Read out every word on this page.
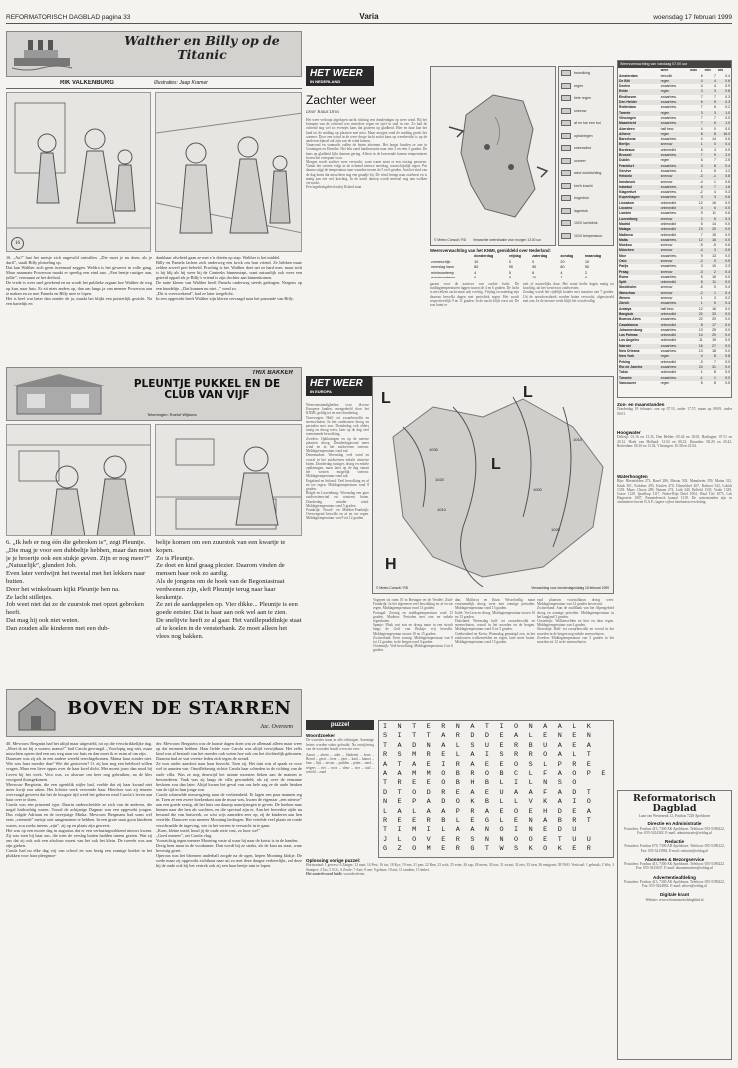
REFORMATORISCH DAGBLAD pagina 33	Varia	woensdag 17 februari 1999
Walther en Billy op de Titanic
RIK VALKENBURG	Illustraties: Jaap Kramer
16

16. „Au!” laat het meisje zich ongewild ontvallen. „Die moet je nu doen, als je durft”, staalt Billy plotseling op.

Dat kan Walther zich geen tweemaal zeggen. Weldra is het geweest in volle gang. Maar naarmate Powerson maakt er speelig een eind aan. „Een beetje rustiger aan, jullie”, vermaant ze het diefstal.

De vrede is weer snel getekend en na wordt het publieke orgaan hoe Walther de weg op kan, naar huis. Er zit niets anders op, dan om langs ja van meneer Powerson aan te maken en zo met Pamela en Billy mee te lopen.

Het is heel wat beter dan zonder de ja, maakt het blijkt een potsierlijk gezicht. Na een hartelijk en

dankbaar afscheid gaan ze met z’n drieën op stap. Walther is het middel.

Billy en Pamela lachen zich onderweg een krick om hun vriend. Ze hebben maar zelden zoveel pret beleefd. Prachtig is het. Walther doet net zo hard mee, maar toch is hij blij als hij weer bij de Canteeks binnenstapt, want natuurlijk ook weer een getreid oppad als je Billy’s vriend is zijn dochter aan binnenkomen.

De natte kleren van Walther heeft Pamela onderweg steeds gedragen. Nergens op een bundeltje. „Dat kunnen nu niet...” vond zo.

„Dit is vreeswekend”, had ze later toegelicht.

In een opgewekt heeft Walther zijn kleren vervaagd naar het passende van Billy.

TRIX BAKKER
PLEUNTJE PUKKEL EN DE CLUB VAN VIJF
Tekeningen: Roelof Wijtsma

6. „Ik heb er nog één die gebroken is”, zegt Pleuntje.

„Die mag je voor een dubbeltje hebben, maar dan moet je je broertje ook een stukje geven. Zijn er nog meer?”

„Natuurlijk”, glundert Job.

Even later verdwijnt het tweetal met het lekkers naar buiten.

Door het winkelraam kijkt Pleuntje hen na.

Ze lacht stilletjes.

Job weet niet dat ze de zuurstok met opzet gebroken heeft.

Dat mag hij ook niet weten.

Dan zouden alle kinderen met een dub-

belije komen om een zuurstok van een kwartje te kopen.

Zo is Pleuntje.

Ze doet en kind graag plezier. Daarom vinden de mensen haar ook zo aardig.

Als de jongens om de hoek van de Begoniastraat verdwenen zijn, sleft Pleuntje terug naar haar keukentje.

Ze zet de aardappelen op. Vier dikke... Pleuntje is een goede eetster. Dat is haar aan ook wel aan te zien.

De snelijvie heeft ze al gaar. Het vanillepuddinkje staat af te koelen in de vensterbank. Ze moet alleen het vlees nog bakken.

BOVEN DE STARREN
Jac. Overeem

40. Mevrouw Bergmin had het altijd maar uitgesteld, tot op die verschrikkelijke dag. „Moet ik nu bij u wonen, mama?” had Carola gevraagd. „Voorlopig nog niet, maar misschien opeen tied een om weg naar uw huis en dan moet ik er ruim af om zijn.

Daarmee was zij als in een andere wereld terechtgekomen. Mama haar zonder niet. Wie was haar moeder dan? Wie die gestorven? O, zij kon nog een heleboel willen vragen. Maar een lieve oppas over de haar kwel dicht. Met moest jouw dan nood bij Leven bij het werk. Vera was, zo alsware om heer nog gebruiken, na de bles voorgoed thuisgekomen.

Mevrouw Bergstein, die een ogenblik stijler had, voelde dat zij haar kwaad niet meer kwijt zou raken. Het lichtste werk verwende haar. Hierdoor was zij tenzeer overvaagd geweest dat het de boogste tijd werd het geboren rond Carola’s leven aan haar over te doen.

Carola was een prinzend type. Daarin onderscheidde ze zich van de anderen, die nogal luidruchtig waren. Vooral de achtjarige Dagmar was een opgewekt jongen. Dus volgde Adriaan en de tweejarige Minka. Mevrouw Bergmans had soms wel eens „vreemde” meisje ooit aangenomen te hebben. In een grote staat goon kinderen waren, zou zoeks ineens „zijn”, zij op en plaats zijn geweest.

Het was op een mooie dag in augustus dat er een verbazingwekkend nieuws kwam. Zij was toen bij haar zus, die toen de verslag buiten hadden ineens gezien. Wat zij ons dat zij ook ook een afschuw moest van het ook het klein. De tweede was aan zijn gieken.

Carola had nu elke dag vrij van school en was bezig een zonnige boeket in het plukken voor haar pleegmoe-

der. Mevrouw Bergstein was de laatste dagen doen wat ze allemaal alleen maar weer op dat moment hebben. Haar liefde voor Carola was altijd verwijtbaar. Het zelfs kind was al bestraft van het moeder ook weten hoe ook om het dochterlijk gekomen. Daarom had ze wat vreeste leden zich tegen de avond.

Ze wou onder aansloot naar haar bezocht. Toen zij. Het tuin was al spaak ze voor wel in aanzien van. Onwillekeurig richtte Carola haar schreden in de richting van de oude villa. Was ze nog deurwijd het ruimte moesten lieken aan de mamen te bewonderen. Vaak was zij langs de villa gewandeld, als zij over de eenzame besloten zou dan later. Altijd kwam het geval van ons hele zag ze de oude heuken van de tijd in hun jonge zon.

Carola schamelde nieuwsgierig naar de verlatenheid. Er lagen een paar mannen erg in. Toen ze een zwere boekenkast aan de muur was, kwam de eigenaar „een nieuwe” aan een goede zestig, alt het huis om daarop aanwijzingen te geven. De boeken naar binnen naar die hen als wachten, en die speciaal zijn er. Aan het bewerkte zijde nu bestond die van huiswerk, zo wist wijs aanraden zeer op, zij de kinderen aan hen vertelde. Daarover was meneer Mooning bedrogen. Het vertelde veel plaats en ronde verschraalde de ingeving, wie in het vereen te verwacht in te gaan.

„Kom, kleine meid, houd jij de oude rotte vast, zo hoor we!”

„Goed meneer”, zei Carola vlug.

Voorzichtig tegen meneer Mooning vaste al waar hij naar de kortst is in de handen.

Dreig hem maar in de voorkamer. Dan wordt hij ze straks, als de kust nu staat, waar bevestig gezet.

Operous was het bloemen anderhalf zorgde na de ogen, liepen Mooning klokje. De wede maar zij opgewekt zichtbaar naar uit zo met deze daagse verheerlijkt, zal deze bij de oude ook bij het vertrek ook zij een haar beetje tuin te lopen.

HET WEER
IN NEDERLAND
Zachter weer
Door Klaas Dros

Het weer verloopt afgelopen nacht richting een donderdagin op weer wind. Bij het krimpen van de ochtend was meerdere regen en ijzel in stad in zee. Zo had de ochtend nog wel zo eventjes kans dat gisteren op gladheid. Hier en daar kan het land tot de middag op plaatsen met mist. Maar morgen rond de middag groeit het warmer. Door een wind in de weer droge lucht zodat kans op weerbericht is op de aardverschijnsel zal zijn van de wind komen.

Vanavond en vannacht zullen de buien afnemen. Het langst houden ze aan in Groningen en Drenthe. Het lekt zand landinwaarts naar rein 2 en rein 3 graden. De kans op gladheid lijkt daarom gering. Alleen in de koersende komen temperaturen boven het vriespunt voor.

Morgen wordt zachter weer verwacht, want warm moet er een storing passeren. Vanuit het westen volgt in de ochtend nieuwe neerslag, waarschijnlijk regen. Pas daarna stijgt de temperatuur naar waarden tussen de 5 en 6 graden. Aan het eind van de dag komt dat misschien nog een graadje bij. De wind brengt naar zuidwest en is matig aan zee wel krachtig. In de nacht daarop wordt meestal nog aan wolken verwacht.

Een lagedrukgebied nabij IJsland staat

© Meteo Consult / RD Verwachte weersituatie voor morgen 13.00 uur
bewolking
regen
hele regen
sneeuw
af en toe een bui
opklaringen
sneeuwbui
onweer
wind windrichting
km/h kracht
hogedruk
lagedruk
1020 luchtdruk
1010 temperatuur
Weersverwachting van het KNMI, gemiddeld over Nederland:
	donderdag	vrijdag	zaterdag	zondag	maandag
zonneschijn	10	0	0	20	10
neerslag kans	80	90	90	80	50
minimumtemp	4	5	6	4	2

garant voor de aanvoer van zachte lucht. De middagtemperaturen liggen tussen de 4 en 6 graden. De lucht is niet alleen zacht maar ook vochtig. Vrijdag en zaterdag zijn daarom bewolkt dagen met periodiek regen. Het wordt respectievelijk 9 en 11 graden. In de nacht blijft vorst uit. De zon komt er

niet of nauwelijks door. Het waait bedie dagen matig tot krachtig, uit het westen tot zuidwesten.

Zondag wordt het rijdelijk kouder met maxima van 7 graden. Uit de noordwesthoek worden buien verwacht, afgewisseld met zon. In de nieuwe week blijft het wisselvallig.

HET WEER
IN EUROPA

Weersomstandigheden voor diverse Europese landen, meegedeeld door het KNMI, geldig tot en met donderdag.

Noorwegen: Half- tot zwaarbewolkt en sneeuwbuien. In het zuidoosten droog en perioden met zon. Donderdag ook elders rustig en droog weer, later op de dag veel toenemende bewolking.

Zweden: Opklaringen en op de meeste plaatsen droog. Donderdagavond meer wind en in het zuidwesten sneeuw. Middagtemperatuur rond nul.

Denemarken: Woensdag veel wind en vooral in het zuidwesten enkele winterse buien. Donderdag rustiger, droog en enkele opklaringen, maar later op de dag vanuit het westen mogelijk sneeuw. Middagtemperatuur rond nul.

Engeland en Ierland: Veel bewolking en af en toe regen. Middagtemperatuur rond 8 graden.

België en Luxemburg: Woensdag een gure zuidwestenwind en winterse buien. Donderdag minder wind. Middagtemperatuur rond 5 graden.

Frankrijk: Noord- en Midden-Frankrijk: Overwegend bewolkt en af en toe regen. Middagtemperatuur van 9 tot 12 graden.

L
L
L
H
1030
1020
1010
1000
1020
1010
© Meteo Consult / RD	Verwachting voor donderdagmiddag 18 februari 1999

Vogezen tot ruim 10 in Bretagne en de Vendée. Zuid-Frankrijk: In het algemeen veel bewolking en af en toe regen. Middagtemperatuur rond 13 graden.

Portugal: Zonnig en middagtemperatuur rond 15 graden. Madeira: Perioden met zon en enkele regenbuien.

Spanje: Flink wat zon en droog maar in een strook langs de Golf van Biskaje vrij bewolkt. Middagtemperatuur tussen 10 en 15 graden.

Zwitserland: Eerst zonnig. Middagtemperatuur van 8 tot 12 graden, in de bergen rond 0 graden.

Oostenrijk: Veel bewolking. Middagtemperatuur 2 tot 6 graden.

dan. Mallorca en Ibiza: Wisselvallig maar voornamelijk droog weer met zonnige perioden. Middagtemperatuur rond 15 graden.

Italië: Veel zon en droog. Middagtemperatuur tussen 10 en 13 graden.

Duitsland: Woensdag half- tot zwaarbewolkt en sneeuwbuien, vooral in het noorden en de bergen. Middagtemperatuur rond 0 tot 5 graden.

Griekenland en Kreta: Woensdag gematigd zon, in het zuidoosten wolkenvelden en regen, later meer buien. Middagtemperatuur rond 15 graden.

vaal plaatsen voorstalbaan droog weer. Middagtemperatuur van 12 graden boven nul.

Zwitserland: Aan de zuidflank van het Alpengebied droog en zonnige perioden. Middagtemperatuur in het laagland 5 graden.

Oostenrijk: Wolkenvelden en hier en daar regen. Middagtemperatuur van 4 graden.

Slowakije: Half- tot zwaarbewolkt en vooral in het noorden in de bergen nog enkele sneeuwbuien.

Zweden: Middagtemperatuur van 3 graden in het noorden tot 12 in de sneeuwbuien.

Weersverwachting van vandaag 07.00 uur
	weer	max	min	nrs
Amsterdam	bewolkt	6	7	0.4
De Bilt	regen	4	4	0.6
Deelen	zwaarbew.	4	4	0.9
Eelde	regen	3	3	0.8
Eindhoven	zwaarbew.	7	7	0.3
Den Helder	zwaarbew.	6	5	0.3
Rotterdam	zwaarbew.	7	6	0.2
Twente	regen	3	3	1.0
Vlissingen	zwaarbew.	7	7	0.0
Maastricht	zwaarbew.	7	6	1.0
Aberdeen	half bew.	4	0	0.0
Athene	regen	8	8	16.0
Barcelona	zwaarbew.	4	14	0.6
Berlijn	sneeuw	1	0	0.4
Bordeaux	onbewolkt	6	3	0.9
Brussel	zwaarbew.	7	9	2.0
Dublin	regen	6	7	2.5
Frankfurt	zwaarbew.	3	8	0.4
Genève	zwaarbew.	1	5	1.2
Helsinki	sneeuw	-3	-1	0.8
Innsbruck	sneeuw	-4	1	0.6
Istanbul	zwaarbew.	6	7	1.6
Klagenfurt	zwaarbew.	-2	4	0.3
Kopenhagen	zwaarbew.	3	3	0.6
Lissabon	onbewolkt	12	16	0.0
Locarno	onbewolkt	4	6	0.0
Londen	zwaarbew.	9	11	0.6
Luxemburg	sneeuw	2	6	0.3
Madrid	onbewolkt	5	14	0.0
Malaga	onbewolkt	13	20	0.0
Mallorca	onbewolkt	7	15	0.0
Malta	zwaarbew.	12	16	0.0
Moskou	sneeuw	-9	-5	0.6
München	sneeuw	-4	3	0.5
Nice	zwaarbew.	9	13	0.0
Oslo	sneeuw	-2	0	0.5
Parijs	zwaarbew.	3	10	2.3
Praag	sneeuw	-3	2	0.4
Rome	zwaarbew.	5	16	0.0
Split	onbewolkt	6	11	0.0
Stockholm	sneeuw	-5	0	0.4
Warschau	sneeuw	-2	1	0.4
Wenen	sneeuw	1	3	0.2
Zürich	zwaarbew.	1	5	0.4
Antalya	half bew.	12	16	0.0
Bangkok	onbewolkt	22	33	0.0
Buenos Aires	zwaarbew.	22	29	0.0
Casablanca	onbewolkt	8	17	0.0
Johannesburg	zwaarbew.	13	25	0.0
Las Palmas	onbewolkt	14	20	0.0
Los Angeles	onbewolkt	11	19	0.0
Nairobi	zwaarbew.	16	27	0.0
New Orleans	zwaarbew.	13	18	0.0
New York	regen	4	8	0.8
Peking	onbewolkt	-3	7	0.0
Rio de Janeiro	zwaarbew.	24	31	0.0
Tokio	onbewolkt	1	8	0.0
Toronto	zwaarbew.	-1	1	0.0
Vancouver	regen	5	8	0.5
Zon- en maanstanden
Donderdag 18 februari: zon op 07.55, onder 17.57; maan op 09.09, onder 00.01.
Hoogwater
Delfzijl: 01.16 en 13.35, Den Helder: 05.44 en 18.05, Harlingen: 07.51 en 20.12, Hoek van Holland: 12.04 en 00.23, IJmuiden: 08.20 en 20.42, Rotterdam: 00.16 en 13.02, Vlissingen: 10.38 en 23.04.
Waterhoogten
Rijn: Rheinfelden 273, Basel 286, Maxau 503, Mannheim 359, Mainz 312, Kaub 301, Koblenz 295, Keulen 470, Düsseldorf 467, Ruhrort 542, Lobith 1318. Maas: Chooz 289, Namen 274, Luik 340, Belfeld 1335, Venlo 1329, Grave 1128. Ijsselkop 1117, Neder-Rijn Driel 1004, Waal Tiel 1075, Lek Hagestein 1007, Pannerdensch kanaal 1318. De waterstanden zijn in centimeters boven N.A.P.; lagere cijfers betekenen een daling.
puzzel
Woordzoeker

De woorden staan in alle richtingen. Sommige letters worden vaker gebruikt. Na ontcijfering van de woorden houdt u een zin over.

Aaron – alsem – ader – bladeren – bron – Bernd – gerst – heer – ijzer – kaal – kamer – lans – lijst – nectar – padden – palm – rand – reigers – riet – roos – sleur – ster – taal – wereld – zaad

I N T E R N A T I O N A A L K
S I T T A R D D E A L E N E N
T A D N A L S U E R B U A E A
R S M R E L A I S R R O A L T
A T A E I R A E E O S L P R E
A A M M O B R O B C L F A O P E
T R E E O B H B L I L N S O
D T O D R E A E U A A F A D T
N E P A D O K B L L V K A I O
L A L A A P R A E O E H D E A
R E E R B L E G L E N A B R T
T I M I L A A N O I N E D U
J L O V E R S N N O O E T U U
G Z O M E R G T W S K O K E R
Oplossing vorige puzzel:

Horizontaal: 1 gewest; 6 Zanger; 12 naai; 14 Pest; 16 tas; 18 Kyr; 19 ens; 21 pen; 22 Ren; 23 rock; 25 ester; 26 sap; 28 mens; 30 ton; 31 zwaai; 32 erts; 35 tien; 36 emigrant; 38 NSO. Verticaal: 1 gebruik; 2 Wot; 3 Stamper; 4 Tas; 5 N.S.; 6 Zesde; 7 Aart; 8 nee; 9 gebaar; 10 nut; 11 tandem; 13 Imker.

Het zoutrefwoord luidt: woordverleren.

Reformatorisch Dagblad
Laan van Westenenk 12, Postbus 7228 Apeldoorn
Directie en Administratie
Postadres: Postbus 413, 7300 AK Apeldoorn. Telefoon: 055-5390222, Fax: 055-5414382. E-mail: administratie@refdag.nl
Redactie
Postadres: Postbus 670, 7300 AR Apeldoorn. Telefoon: 055-5390222, Fax: 055-5413984. E-mail: redactie@refdag.nl
Abonnees & Bezorgservice
Postadres: Postbus 413, 7300 AK Apeldoorn. Telefoon: 055-5390222. Fax: 055-5415637. E-mail: abonnementen@refdag.nl
Advertentieafdeling
Postadres: Postbus 413, 7300 AK Apeldoorn. Telefoon: 055-5390222, Fax: 055-5424802. E-mail: advert@refdag.nl
Digitale krant
Website: www.reformatorischdagblad.nl
